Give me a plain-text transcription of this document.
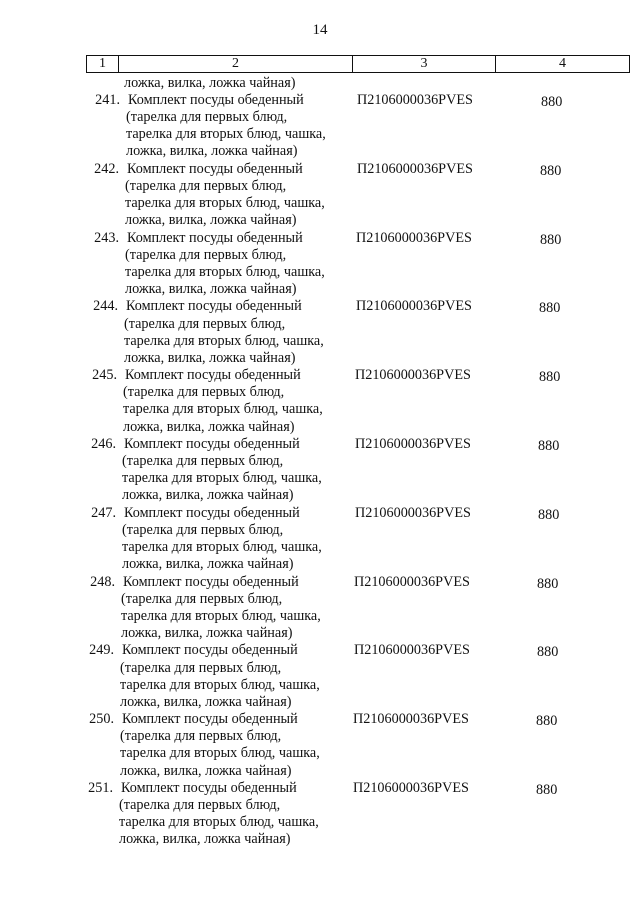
14
1	2	3	4
ложка, вилка, ложка чайная)
241. Комплект посуды обеденный
(тарелка для первых блюд,
тарелка для вторых блюд, чашка,
ложка, вилка, ложка чайная)
П2106000036PVES	880
242. Комплект посуды обеденный
(тарелка для первых блюд,
тарелка для вторых блюд, чашка,
ложка, вилка, ложка чайная)
П2106000036PVES	880
243. Комплект посуды обеденный
(тарелка для первых блюд,
тарелка для вторых блюд, чашка,
ложка, вилка, ложка чайная)
П2106000036PVES	880
244. Комплект посуды обеденный
(тарелка для первых блюд,
тарелка для вторых блюд, чашка,
ложка, вилка, ложка чайная)
П2106000036PVES	880
245. Комплект посуды обеденный
(тарелка для первых блюд,
тарелка для вторых блюд, чашка,
ложка, вилка, ложка чайная)
П2106000036PVES	880
246. Комплект посуды обеденный
(тарелка для первых блюд,
тарелка для вторых блюд, чашка,
ложка, вилка, ложка чайная)
П2106000036PVES	880
247. Комплект посуды обеденный
(тарелка для первых блюд,
тарелка для вторых блюд, чашка,
ложка, вилка, ложка чайная)
П2106000036PVES	880
248. Комплект посуды обеденный
(тарелка для первых блюд,
тарелка для вторых блюд, чашка,
ложка, вилка, ложка чайная)
П2106000036PVES	880
249. Комплект посуды обеденный
(тарелка для первых блюд,
тарелка для вторых блюд, чашка,
ложка, вилка, ложка чайная)
П2106000036PVES	880
250. Комплект посуды обеденный
(тарелка для первых блюд,
тарелка для вторых блюд, чашка,
ложка, вилка, ложка чайная)
П2106000036PVES	880
251. Комплект посуды обеденный
(тарелка для первых блюд,
тарелка для вторых блюд, чашка,
ложка, вилка, ложка чайная)
П2106000036PVES	880
